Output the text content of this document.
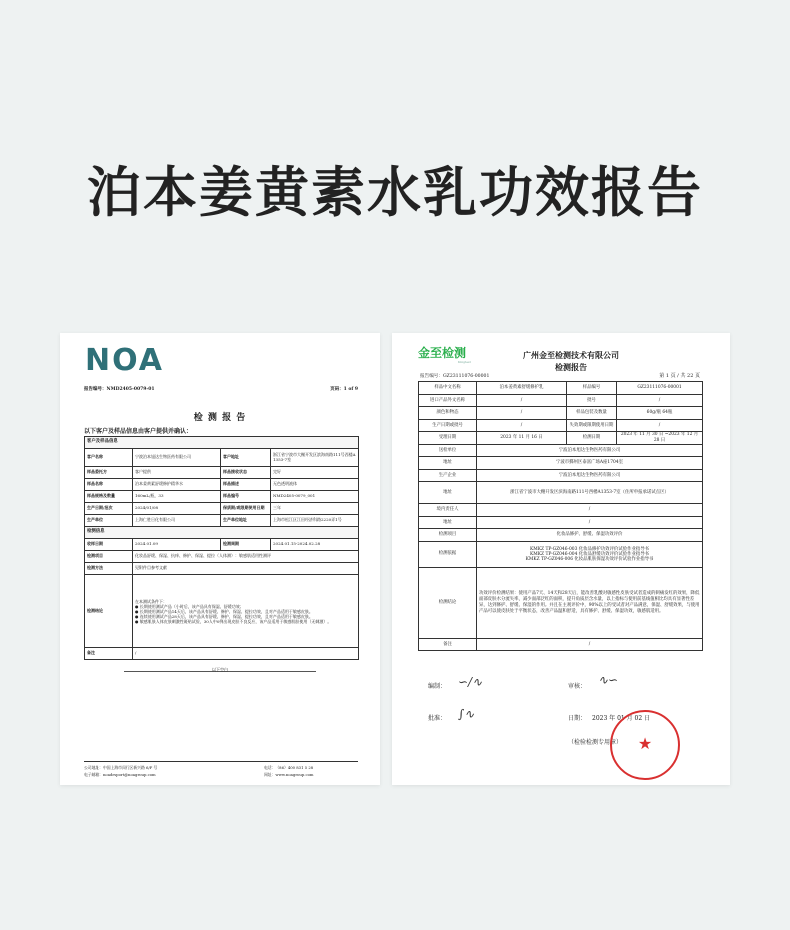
泊本姜黄素水乳功效报告
NOA
报告编号：NMD2405-0079-01	页码：1 of 9
检 测 报 告
以下客户及样品信息由客户提供并确认：
客户及样品信息			
客户名称	宁波泊本旭达生物医药有限公司	客户地址	浙江省宁波市大榭开发区滨海南路111号西楼A1353-7室
样品委托方	客户提供	样品接收状态	完好
样品名称	泊本姜黄素舒缓修护精华水	样品描述	无色透明液体
样品规格及数量	160mL/瓶，33	样品编号	NMD2405-0079_001
生产日期/批次	2024/01/08	保质期/或限期使用日期	三年
生产单位	上海仁胜日化有限公司	生产单位地址	上海市松江区江田经济科路2220弄1号
检测信息			
收样日期	2024.01.09	检测周期	2024.01.15-2024.02.28
检测项目	化妆品舒缓、保湿、抗痒、修护、保湿、提拉（人体测）：敏感肌适用性测评		
检测方法	见附件目参考文献		
检测结论	在本测试条件下：
● 长期使用测试产品（小时后，该产品具有保湿、舒缓功效；
● 长期使用测试产品14天后，该产品具有舒缓、修护、保湿、提拉功效，且对产品适用于敏感皮肤。
● 连续使用测试产品28天后，该产品具有舒缓、修护、保湿、提拉功效，且对产品适用于敏感皮肤。
● 敏感肌肤人体皮肤刺激性斑贴试验，30人中0例出现皮肤不良反应，该产品适用于敏感肌肤使用（无刺激）。		

备注	/		
以下空白
公司地址：中国上海市闵行区新兴路 6/F 号	电话：（86）400 831 5 28
电子邮箱：noadrsport@noagroup.com	网址：www.noagroup.com
金至检测
Kingtest
广州金至检测技术有限公司
检测报告
报告编号：GZ23111076-00001	第 1 页 / 共 22 页
样品中文名称	泊本姜黄素舒缓修护乳	样品编号	GZ23111076-00001
进口产品外文名称	/	批号	/
颜色和物态	/	样品包装及数量	60g/瓶 64瓶
生产日期或批号	/	失效期或限期使用日期	/
受理日期	2023 年 11 月 16 日	检测日期	2023 年 11 月 30 日 ~2023 年 12 月 28 日
送检单位	宁波泊本旭达生物医药有限公司		
地址	宁波市鄞州区泰富广场A座1704室		
生产企业	宁波泊本旭达生物医药有限公司		
地址	浙江省宁波市大榭开发区滨海南路111号西楼A1353-7室（住所申报承诺试点区）		
境内责任人	/		
地址	/		
检测项目	化妆品修护、舒缓、保湿功效评价		
检测依据	KMKZ TP-GZ046-003 化妆品修护功效评价试验作业指导书
KMKZ TP-GZ046-004 化妆品舒缓功效评价试验作业指导书
KMKZ TP-GZ046-006 化妆品肌肤保湿功效评价试验作业指导书		

检测结论	功效评价检测结果：使用产品7天、14天和28天后，能改善乳酸对敏感性皮肤受试者造成的刺痛发红的效果，降低面部皮肤水分流失率，减少面部泛红的面积，提升角质层含水量，以上指标与使用前基线值相比均具有显著性差异，达到修护、舒缓、保湿的作用。并且在主观评价中，90%以上的受试者对产品满意，保湿、舒缓效果，与使用产品可以使皮肤处于平衡状态，改善产品温和舒适，具有修护、舒缓、保湿功效，敏感肌适用。		
备注	/		
编制： ∽/∿	审核： ∿∽
批准： ∫∿	日期： 2023 年 01 月 02 日
（检验检测专用章） ★
